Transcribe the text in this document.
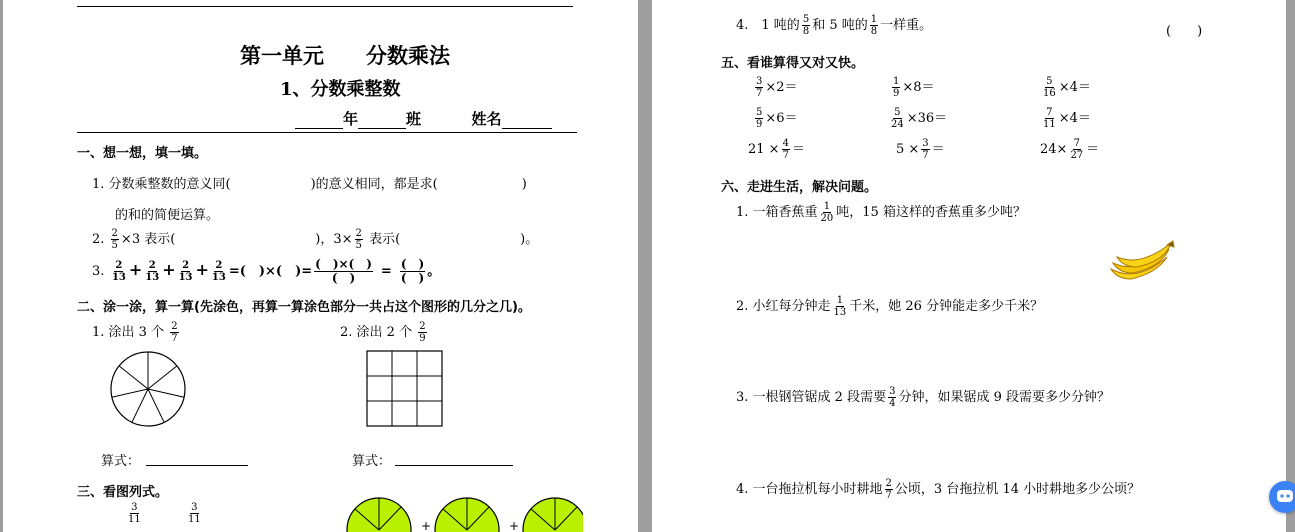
第一单元　　分数乘法
1、分数乘整数
年	班	姓名
一、想一想，填一填。
1. 分数乘整数的意义同(	)的意义相同，都是求(	)
的和的简便运算。
2. $\frac{2}{5} \times 3$ 表示(	)，$3\times \frac{2}{5}$ 表示(	)。
3. $\frac{2}{13} + \frac{2}{13} + \frac{2}{13} + \frac{2}{13}$ =(　)×(　)= $\frac{( )\times( )}{( )} = \frac{( )}{( )}$ 。
二、涂一涂，算一算(先涂色，再算一算涂色部分一共占这个图形的几分之几)。
1. 涂出 3 个 $\frac{2}{7}$	2. 涂出 2 个 $\frac{2}{9}$
算式：	算式：
三、看图列式。
$\frac{3}{11}$	$\frac{3}{11}$
+	+
4.　1 吨的 $\frac{5}{8}$ 和 5 吨的 $\frac{1}{8}$ 一样重。	(　　)
五、看谁算得又对又快。
$\frac{3}{7} \times 2=$	$\frac{1}{9} \times 8=$	$\frac{5}{16} \times 4=$
$\frac{5}{9} \times 6=$	$\frac{5}{24} \times 36=$	$\frac{7}{11} \times 4=$
$21 \times \frac{4}{7}$ ＝	$5 \times \frac{3}{7}$ ＝	$24\times \frac{7}{27}$ ＝
六、走进生活，解决问题。
1. 一箱香蕉重 $\frac{1}{20}$ 吨，15 箱这样的香蕉重多少吨？
2. 小红每分钟走 $\frac{1}{13}$ 千米，她 26 分钟能走多少千米？
3. 一根钢管锯成 2 段需要 $\frac{3}{4}$ 分钟，如果锯成 9 段需要多少分钟？
4. 一台拖拉机每小时耕地 $\frac{2}{7}$ 公顷，3 台拖拉机 14 小时耕地多少公顷？
